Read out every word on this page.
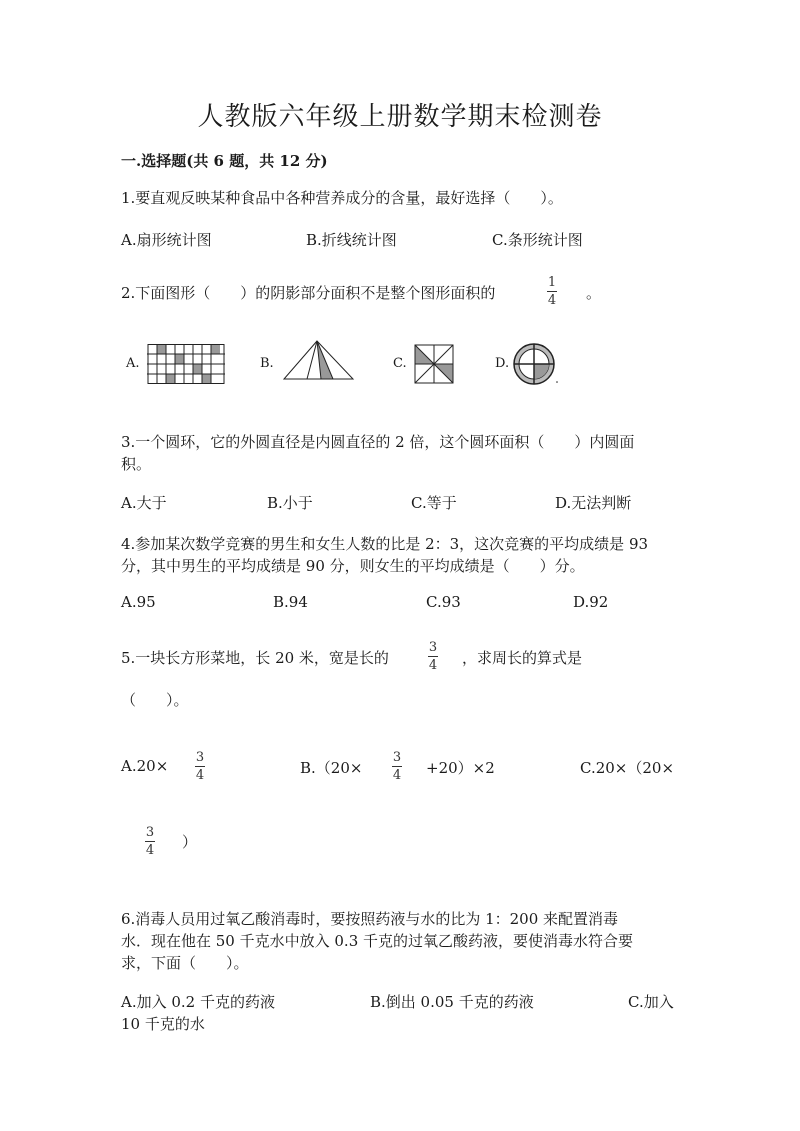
人教版六年级上册数学期末检测卷
一.选择题(共 6 题，共 12 分)
1.要直观反映某种食品中各种营养成分的含量，最好选择（　　）。
A.扇形统计图	B.折线统计图	C.条形统计图
2.下面图形（　　）的阴影部分面积不是整个图形面积的
1
4 。
A.	B.	C.	D.
3.一个圆环，它的外圆直径是内圆直径的 2 倍，这个圆环面积（　　）内圆面
积。
A.大于	B.小于	C.等于	D.无法判断
4.参加某次数学竞赛的男生和女生人数的比是 2：3，这次竞赛的平均成绩是 93
分，其中男生的平均成绩是 90 分，则女生的平均成绩是（　　）分。
A.95	B.94	C.93	D.92
5.一块长方形菜地，长 20 米，宽是长的
3
4 ，求周长的算式是
（　　）。
A.20× 3
4	B.（20×
3
4 +20）×2	C.20×（20×
3
4 ）
6.消毒人员用过氧乙酸消毒时，要按照药液与水的比为 1：200 来配置消毒
水．现在他在 50 千克水中放入 0.3 千克的过氧乙酸药液，要使消毒水符合要
求，下面（　　）。
A.加入 0.2 千克的药液	B.倒出 0.05 千克的药液	C.加入
10 千克的水
